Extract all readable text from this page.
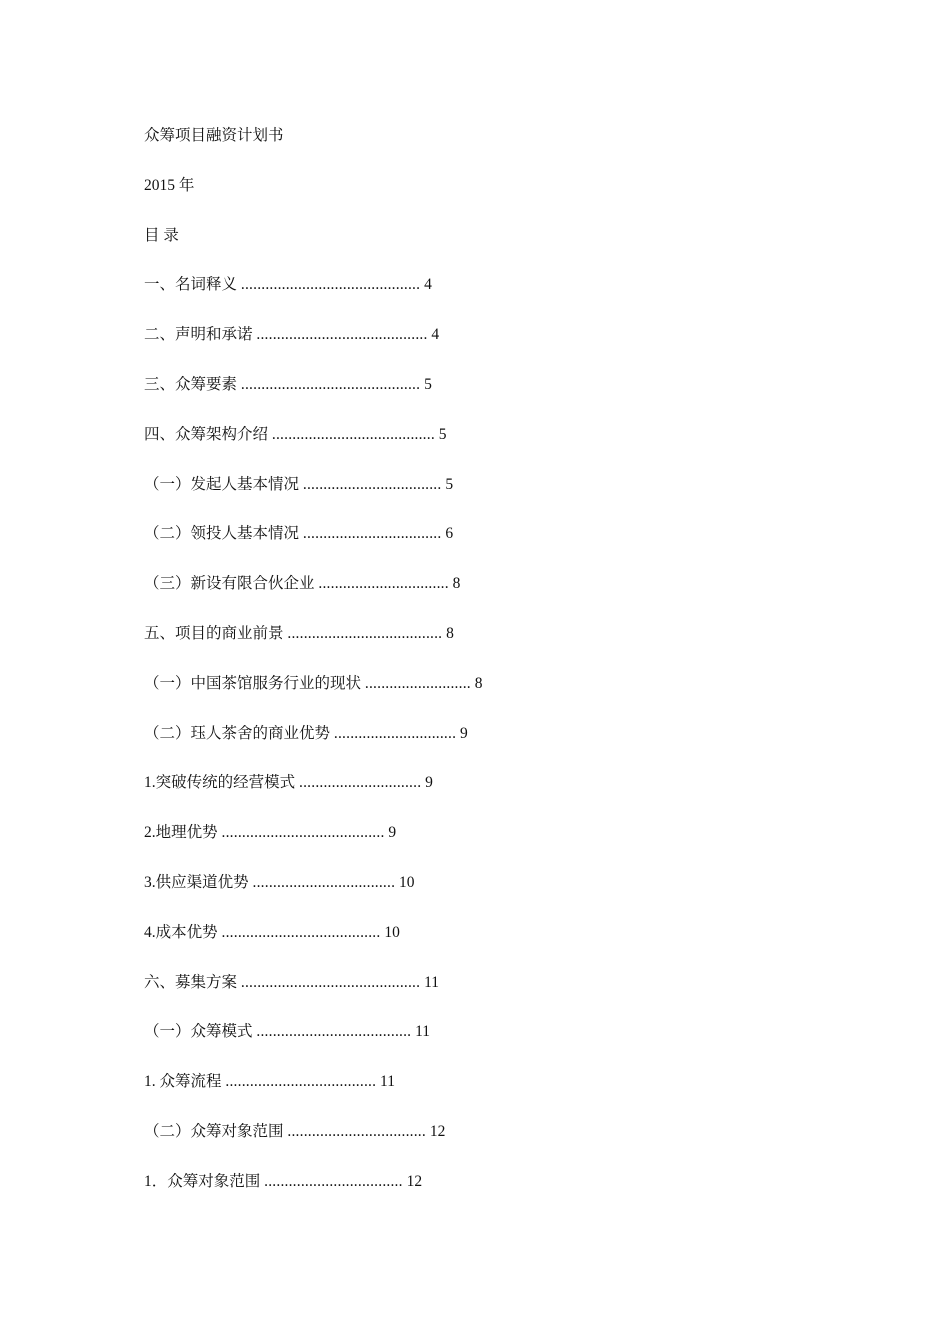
众筹项目融资计划书
2015 年
目 录
一、名词释义 ............................................ 4
二、声明和承诺 .......................................... 4
三、众筹要素 ............................................ 5
四、众筹架构介绍 ........................................ 5
（一）发起人基本情况 .................................. 5
（二）领投人基本情况 .................................. 6
（三）新设有限合伙企业 ................................ 8
五、项目的商业前景 ...................................... 8
（一）中国茶馆服务行业的现状 .......................... 8
（二）珏人茶舍的商业优势 .............................. 9
1.突破传统的经营模式 .............................. 9
2.地理优势 ........................................ 9
3.供应渠道优势 ................................... 10
4.成本优势 ....................................... 10
六、募集方案 ............................................ 11
（一）众筹模式 ...................................... 11
1. 众筹流程 ..................................... 11
（二）众筹对象范围 .................................. 12
1．众筹对象范围 .................................. 12
